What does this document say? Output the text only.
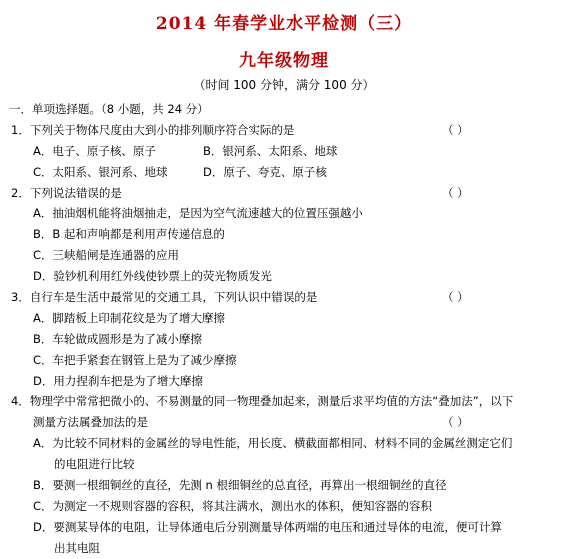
2014 年春学业水平检测（三）
九年级物理
（时间 100 分钟，满分 100 分）
一．单项选择题。（8 小题，共 24 分）
1．下列关于物体尺度由大到小的排列顺序符合实际的是	（ ）
A．电子、原子核、原子	B．银河系、太阳系、地球
C．太阳系、银河系、地球	D．原子、夸克、原子核
2．下列说法错误的是	（ ）
A．抽油烟机能将油烟抽走，是因为空气流速越大的位置压强越小
B．B 起和声响都是利用声传递信息的
C．三峡船闸是连通器的应用
D．验钞机利用红外线使钞票上的荧光物质发光
3．自行车是生活中最常见的交通工具，下列认识中错误的是	（ ）
A．脚踏板上印制花纹是为了增大摩擦
B．车轮做成圆形是为了减小摩擦
C．车把手紧套在钢管上是为了减少摩擦
D．用力捏刹车把是为了增大摩擦
4．物理学中常常把微小的、不易测量的同一物理叠加起来，测量后求平均值的方法“叠加法”，以下
测量方法属叠加法的是	（ ）
A．为比较不同材料的金属丝的导电性能，用长度、横截面都相同、材料不同的金属丝测定它们
的电阻进行比较
B．要测一根细铜丝的直径，先测 n 根细铜丝的总直径，再算出一根细铜丝的直径
C．为测定一不规则容器的容积，将其注满水，测出水的体积，便知容器的容积
D．要测某导体的电阻，让导体通电后分别测量导体两端的电压和通过导体的电流，便可计算
出其电阻
